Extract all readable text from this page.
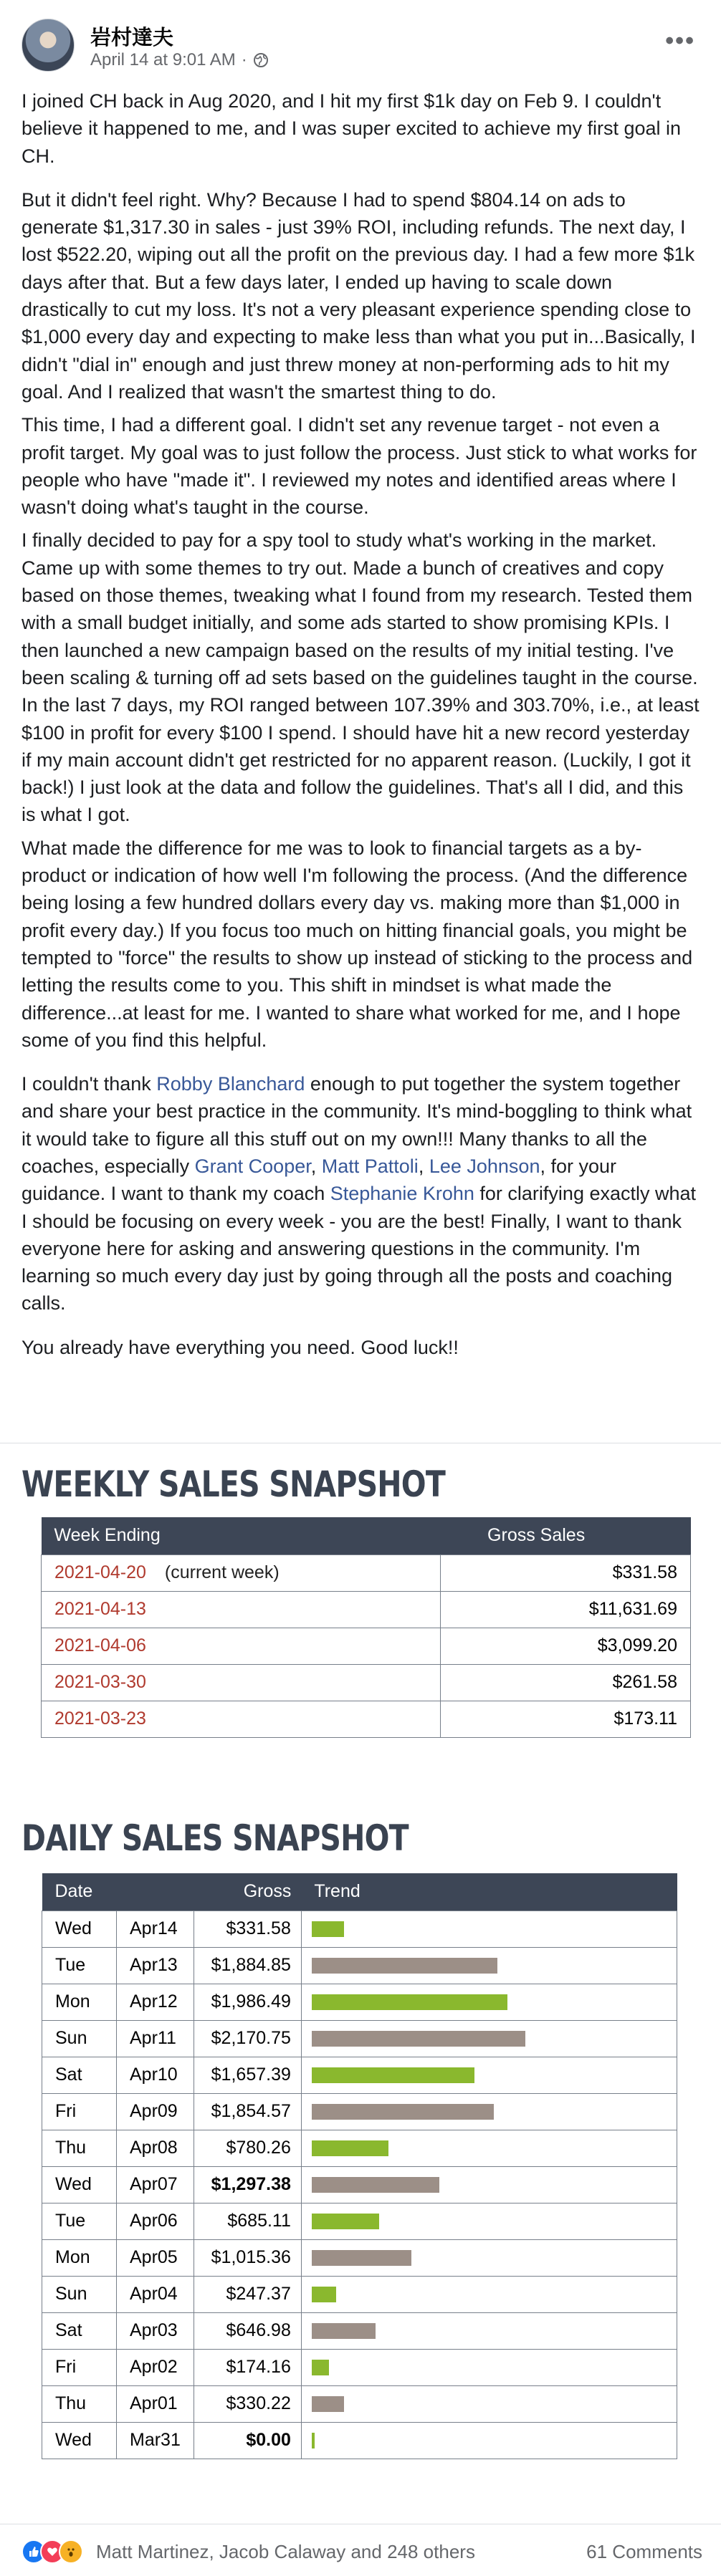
岩村達夫
April 14 at 9:01 AM ·
•••

I joined CH back in Aug 2020, and I hit my first $1k day on Feb 9. I couldn't believe it happened to me, and I was super excited to achieve my first goal in CH.

But it didn't feel right. Why? Because I had to spend $804.14 on ads to generate $1,317.30 in sales - just 39% ROI, including refunds. The next day, I lost $522.20, wiping out all the profit on the previous day. I had a few more $1k days after that. But a few days later, I ended up having to scale down drastically to cut my loss. It's not a very pleasant experience spending close to $1,000 every day and expecting to make less than what you put in...Basically, I didn't "dial in" enough and just threw money at non-performing ads to hit my goal. And I realized that wasn't the smartest thing to do.

This time, I had a different goal. I didn't set any revenue target - not even a profit target. My goal was to just follow the process. Just stick to what works for people who have "made it". I reviewed my notes and identified areas where I wasn't doing what's taught in the course.

I finally decided to pay for a spy tool to study what's working in the market. Came up with some themes to try out. Made a bunch of creatives and copy based on those themes, tweaking what I found from my research. Tested them with a small budget initially, and some ads started to show promising KPIs. I then launched a new campaign based on the results of my initial testing. I've been scaling & turning off ad sets based on the guidelines taught in the course. In the last 7 days, my ROI ranged between 107.39% and 303.70%, i.e., at least $100 in profit for every $100 I spend. I should have hit a new record yesterday if my main account didn't get restricted for no apparent reason. (Luckily, I got it back!) I just look at the data and follow the guidelines. That's all I did, and this is what I got.

What made the difference for me was to look to financial targets as a by-product or indication of how well I'm following the process. (And the difference being losing a few hundred dollars every day vs. making more than $1,000 in profit every day.) If you focus too much on hitting financial goals, you might be tempted to "force" the results to show up instead of sticking to the process and letting the results come to you. This shift in mindset is what made the difference...at least for me. I wanted to share what worked for me, and I hope some of you find this helpful.

I couldn't thank Robby Blanchard enough to put together the system together and share your best practice in the community. It's mind-boggling to think what it would take to figure all this stuff out on my own!!! Many thanks to all the coaches, especially Grant Cooper, Matt Pattoli, Lee Johnson, for your guidance. I want to thank my coach Stephanie Krohn for clarifying exactly what I should be focusing on every week - you are the best! Finally, I want to thank everyone here for asking and answering questions in the community. I'm learning so much every day just by going through all the posts and coaching calls.

You already have everything you need. Good luck!!

WEEKLY SALES SNAPSHOT
Week Ending	Gross Sales
2021-04-20 (current week)	$331.58
2021-04-13	$11,631.69
2021-04-06	$3,099.20
2021-03-30	$261.58
2021-03-23	$173.11
DAILY SALES SNAPSHOT
Date		Gross	Trend
Wed	Apr14	$331.58	

Tue	Apr13	$1,884.85	

Mon	Apr12	$1,986.49	

Sun	Apr11	$2,170.75	

Sat	Apr10	$1,657.39	

Fri	Apr09	$1,854.57	

Thu	Apr08	$780.26	

Wed	Apr07	$1,297.38	

Tue	Apr06	$685.11	

Mon	Apr05	$1,015.36	

Sun	Apr04	$247.37	

Sat	Apr03	$646.98	

Fri	Apr02	$174.16	

Thu	Apr01	$330.22	

Wed	Mar31	$0.00	
Matt Martinez, Jacob Calaway and 248 others	61 Comments
